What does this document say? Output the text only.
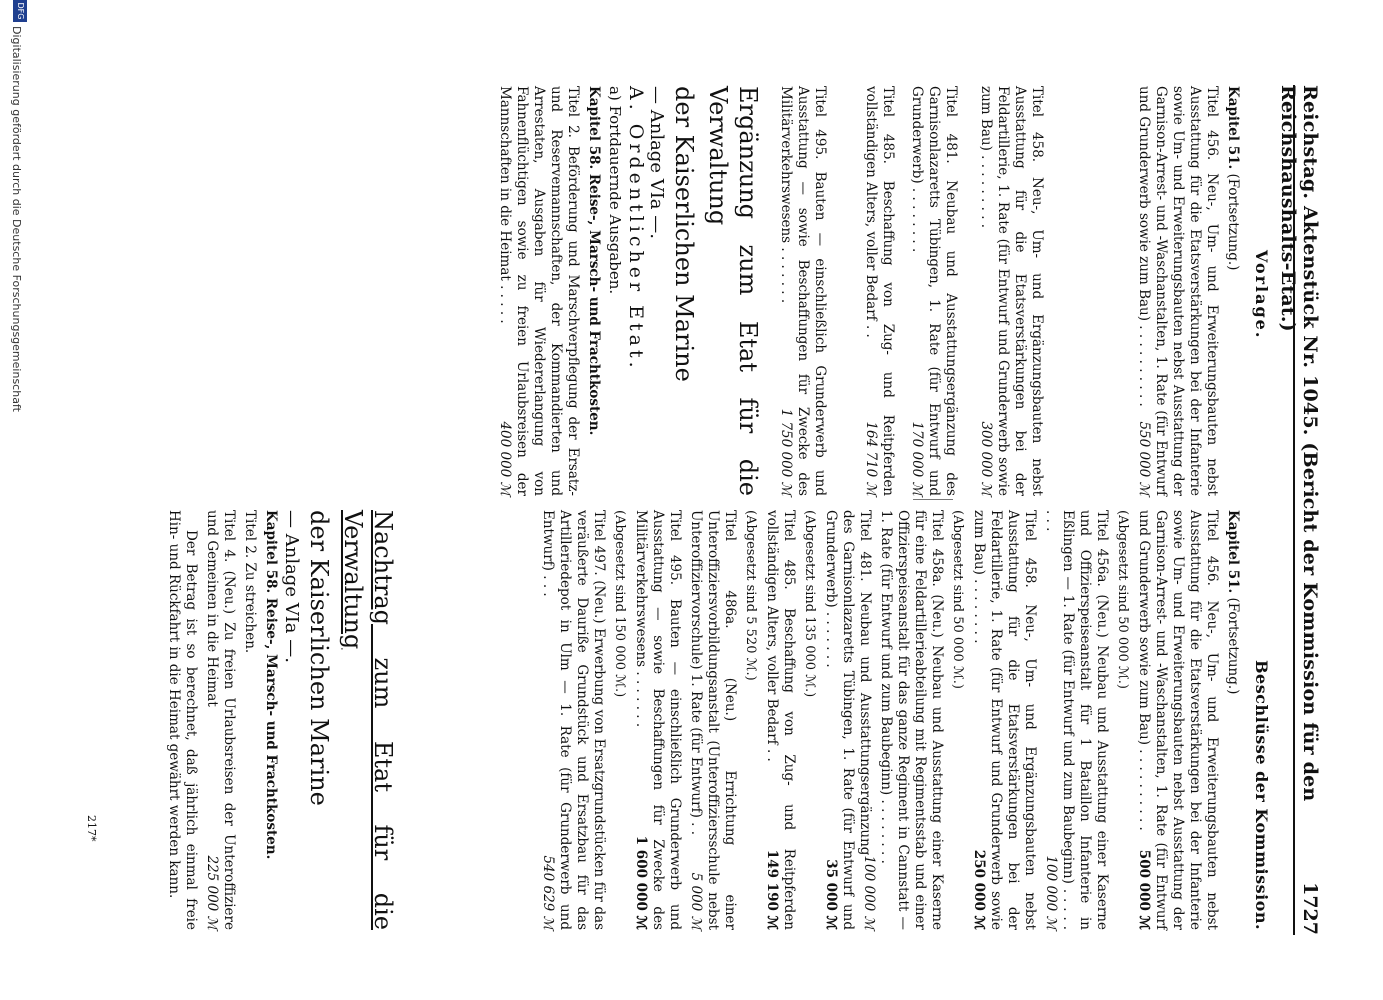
Reichstag. Aktenstück Nr. 1045. (Bericht der Kommission für den Reichshaushalts-Etat.)
1727
Vorlage.

Kapitel 51. (Fortsetzung.)

Titel 456. Neu-, Um- und Erweiterungsbauten nebst Ausstattung für die Etatsverstärkungen bei der Infanterie sowie Um- und Erweiterungsbauten nebst Ausstattung der Garnison-Arrest- und -Waschanstalten, 1. Rate (für Entwurf und Grunderwerb sowie zum Bau) . . . . . . . . . .
550 000 ℳ

Titel 458. Neu-, Um- und Ergänzungsbauten nebst Ausstattung für die Etatsverstärkungen bei der Feldartillerie, 1. Rate (für Entwurf und Grunderwerb sowie zum Bau) . . . . . . . . .
300 000 ℳ

Titel 481. Neubau und Ausstattungsergänzung des Garnisonlazaretts Tübingen, 1. Rate (für Entwurf und Grunderwerb) . . . . . . . .
170 000 ℳ

Titel 485. Beschaffung von Zug- und Reitpferden vollständigen Alters, voller Bedarf . .
164 710 ℳ

Titel 495. Bauten — einschließlich Grunderwerb und Ausstattung — sowie Beschaffungen für Zwecke des Militärverkehrswesens . . . . . . .
1 750 000 ℳ

Ergänzung zum Etat für die Verwaltung

der Kaiserlichen Marine

— Anlage VIa —.

A. Ordentlicher Etat.

a) Fortdauernde Ausgaben.

Kapitel 58. Reise-, Marsch- und Frachtkosten.

Titel 2. Beförderung und Marschverpflegung der Ersatz- und Reservemannschaften, der Kommandierten und Arrestaten, Ausgaben für Wiedererlangung von Fahnenflüchtigen sowie zu freien Urlaubsreisen der Mannschaften in die Heimat . . . . .
400 000 ℳ

Beschlüsse der Kommission.

Kapitel 51. (Fortsetzung.)

Titel 456. Neu-, Um- und Erweiterungsbauten nebst Ausstattung für die Etatsverstärkungen bei der Infanterie sowie Um- und Erweiterungsbauten nebst Ausstattung der Garnison-Arrest- und -Waschanstalten, 1. Rate (für Entwurf und Grunderwerb sowie zum Bau) . . . . . . . . . .
500 000 ℳ

(Abgesetzt sind 50 000 ℳ.)

Titel 456a. (Neu.) Neubau und Ausstattung einer Kaserne und Offizierspeiseanstalt für 1 Bataillon Infanterie in Eßlingen — 1. Rate (für Entwurf und zum Baubeginn) . . . . . . . .
100 000 ℳ

Titel 458. Neu-, Um- und Ergänzungsbauten nebst Ausstattung für die Etatsverstärkungen bei der Feldartillerie, 1. Rate (für Entwurf und Grunderwerb sowie zum Bau) . . . . . . . .
250 000 ℳ

(Abgesetzt sind 50 000 ℳ.)

Titel 458a. (Neu.) Neubau und Ausstattung einer Kaserne für eine Feldartillerieabteilung mit Regimentsstab und einer Offizierspeiseanstalt für das ganze Regiment in Cannstatt — 1. Rate (für Entwurf und zum Baubeginn) . . . . . . . .
100 000 ℳ

Titel 481. Neubau und Ausstattungsergänzung des Garnisonlazaretts Tübingen, 1. Rate (für Entwurf und Grunderwerb) . . . . . . .
35 000 ℳ

(Abgesetzt sind 135 000 ℳ.)

Titel 485. Beschaffung von Zug- und Reitpferden vollständigen Alters, voller Bedarf . .
149 190 ℳ

(Abgesetzt sind 5 520 ℳ.)

Titel 486a. (Neu.) Errichtung einer Unteroffiziersvorbildungsanstalt (Unteroffiziersschule nebst Unteroffiziervorschule) 1. Rate (für Entwurf) . .
5 000 ℳ

Titel 495. Bauten — einschließlich Grunderwerb und Ausstattung — sowie Beschaffungen für Zwecke des Militärverkehrswesens . . . . . . .
1 600 000 ℳ

(Abgesetzt sind 150 000 ℳ.)

Titel 497. (Neu.) Erwerbung von Ersatzgrundstücken für das veräußerte Dauriße Grundstück und Ersatzbau für das Artilleriedepot in Ulm — 1. Rate (für Grunderwerb und Entwurf) . . .
540 629 ℳ

Nachtrag zum Etat für die Verwaltung

der Kaiserlichen Marine

— Anlage VIa —.

Kapitel 58. Reise-, Marsch- und Frachtkosten.

Titel 2. Zu streichen.

Titel 4. (Neu.) Zu freien Urlaubsreisen der Unteroffiziere und Gemeinen in die Heimat
225 000 ℳ

Der Betrag ist so berechnet, daß jährlich einmal freie Hin- und Rückfahrt in die Heimat gewährt werden kann.

217*
DFG
Digitalisierung gefördert durch die Deutsche Forschungsgemeinschaft
